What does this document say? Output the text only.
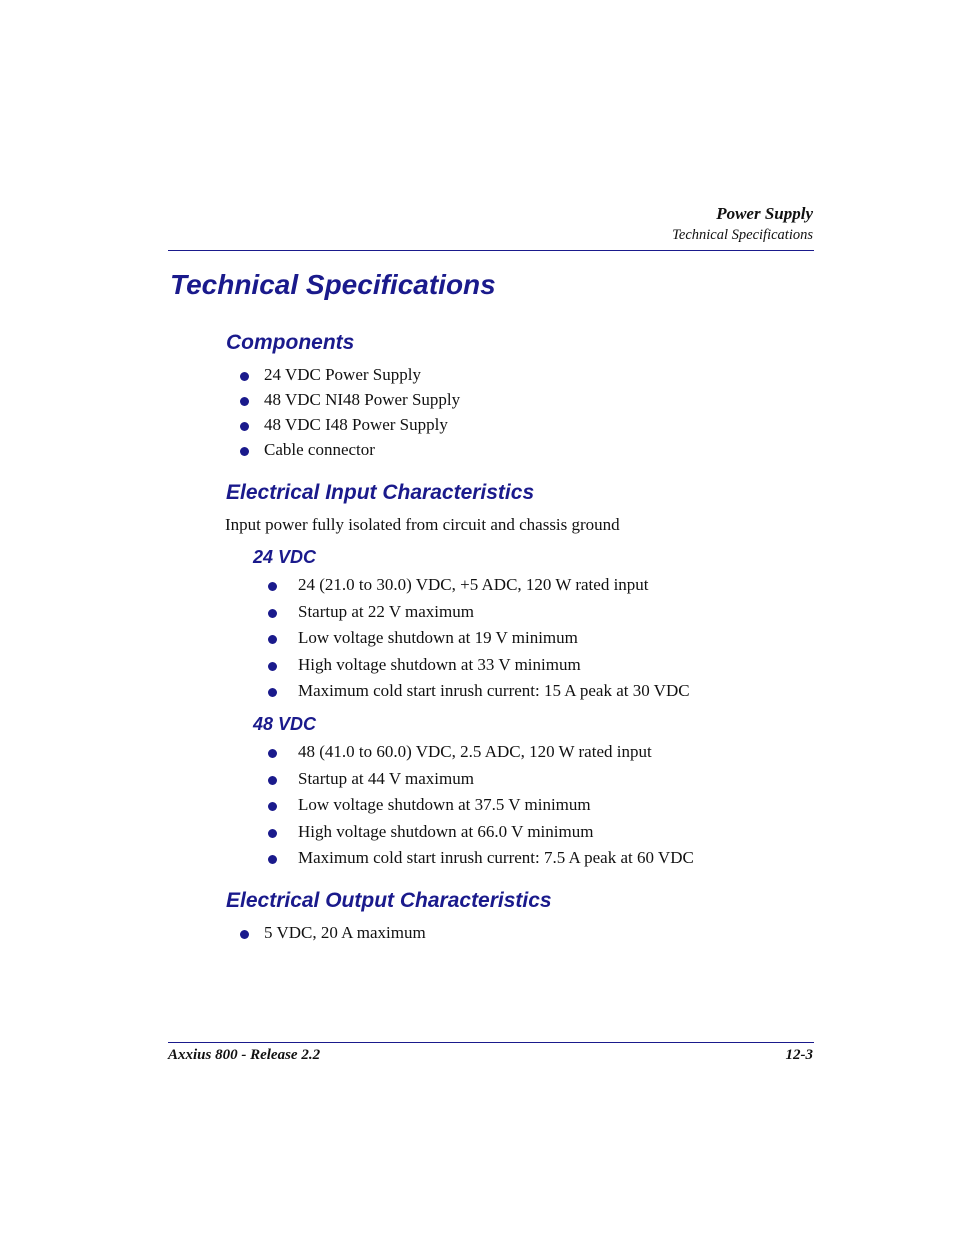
Power Supply
Technical Specifications
Technical Specifications
Components
24 VDC Power Supply
48 VDC NI48 Power Supply
48 VDC I48 Power Supply
Cable connector
Electrical Input Characteristics
Input power fully isolated from circuit and chassis ground
24 VDC
24 (21.0 to 30.0) VDC, +5 ADC, 120 W rated input
Startup at 22 V maximum
Low voltage shutdown at 19 V minimum
High voltage shutdown at 33 V minimum
Maximum cold start inrush current: 15 A peak at 30 VDC
48 VDC
48 (41.0 to 60.0) VDC, 2.5 ADC, 120 W rated input
Startup at 44 V maximum
Low voltage shutdown at 37.5 V minimum
High voltage shutdown at 66.0 V minimum
Maximum cold start inrush current: 7.5 A peak at 60 VDC
Electrical Output Characteristics
5 VDC, 20 A maximum
Axxius 800 - Release 2.2	12-3
